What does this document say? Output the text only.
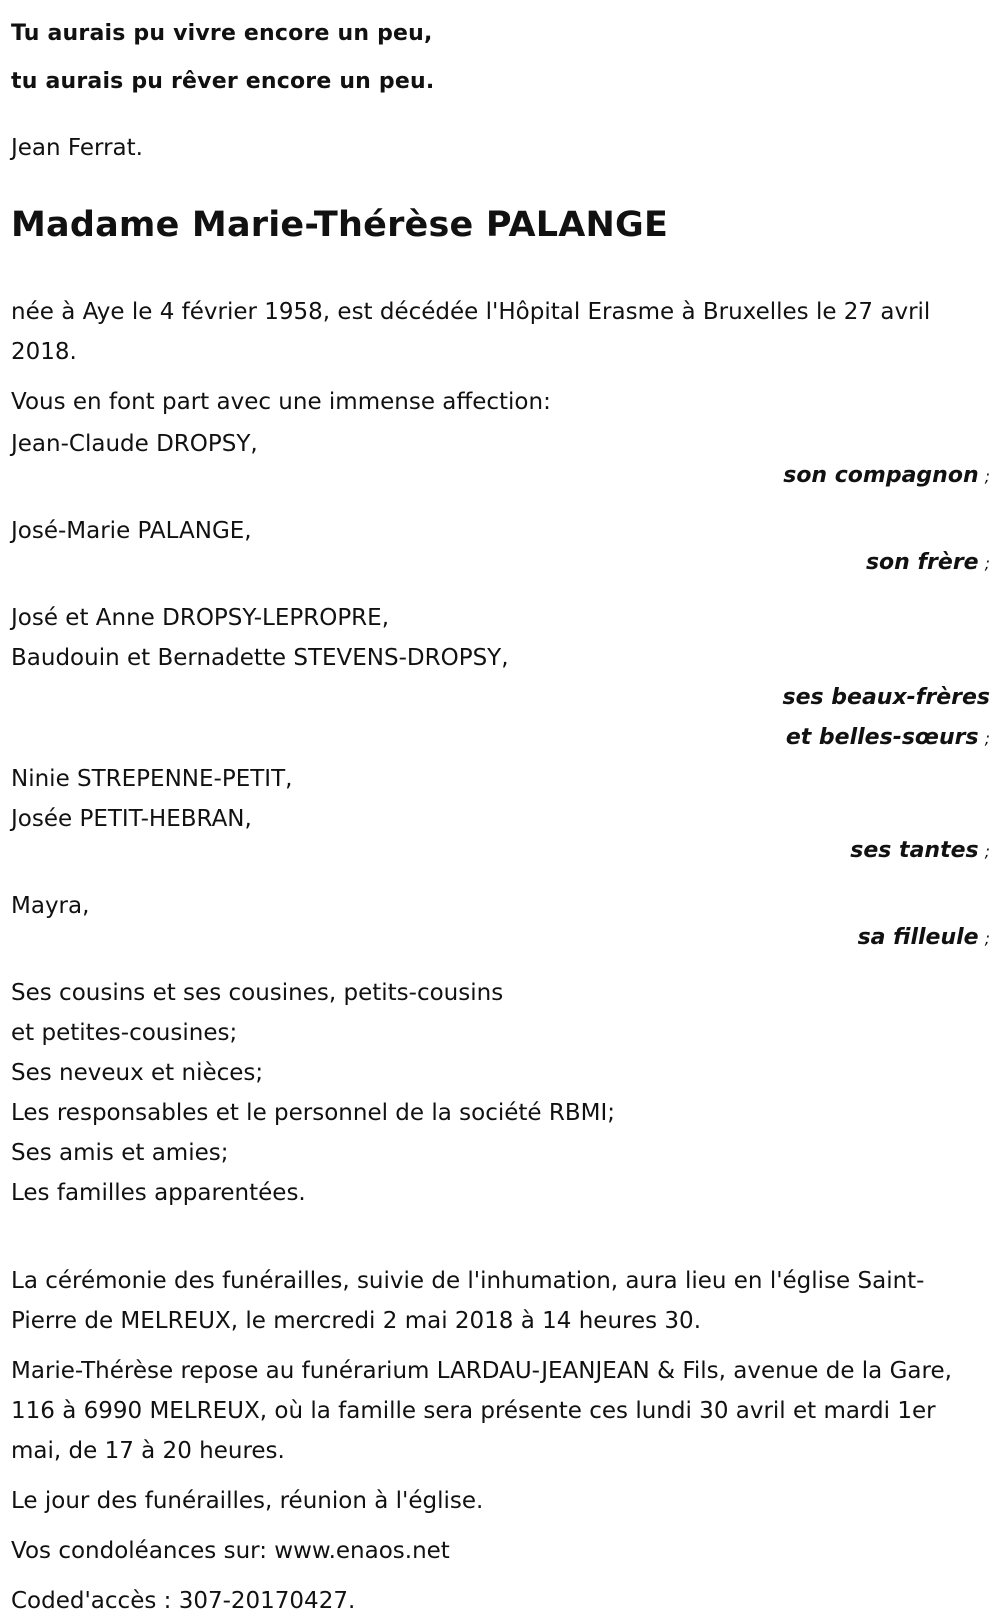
Tu aurais pu vivre encore un peu,
tu aurais pu rêver encore un peu.
Jean Ferrat.
Madame Marie-Thérèse PALANGE
née à Aye le 4 février 1958, est décédée l'Hôpital Erasme à Bruxelles le 27 avril 2018.
Vous en font part avec une immense affection:
Jean-Claude DROPSY,
son compagnon ;
José-Marie PALANGE,
son frère ;
José et Anne DROPSY-LEPROPRE,
Baudouin et Bernadette STEVENS-DROPSY,
ses beaux-frères
et belles-sœurs ;
Ninie STREPENNE-PETIT,
Josée PETIT-HEBRAN,
ses tantes ;
Mayra,
sa filleule ;
Ses cousins et ses cousines, petits-cousins
et petites-cousines;
Ses neveux et nièces;
Les responsables et le personnel de la société RBMI;
Ses amis et amies;
Les familles apparentées.
La cérémonie des funérailles, suivie de l'inhumation, aura lieu en l'église Saint-Pierre de MELREUX, le mercredi 2 mai 2018 à 14 heures 30.
Marie-Thérèse repose au funérarium LARDAU-JEANJEAN & Fils, avenue de la Gare, 116 à 6990 MELREUX, où la famille sera présente ces lundi 30 avril et mardi 1er mai, de 17 à 20 heures.
Le jour des funérailles, réunion à l'église.
Vos condoléances sur: www.enaos.net
Coded'accès : 307-20170427.
